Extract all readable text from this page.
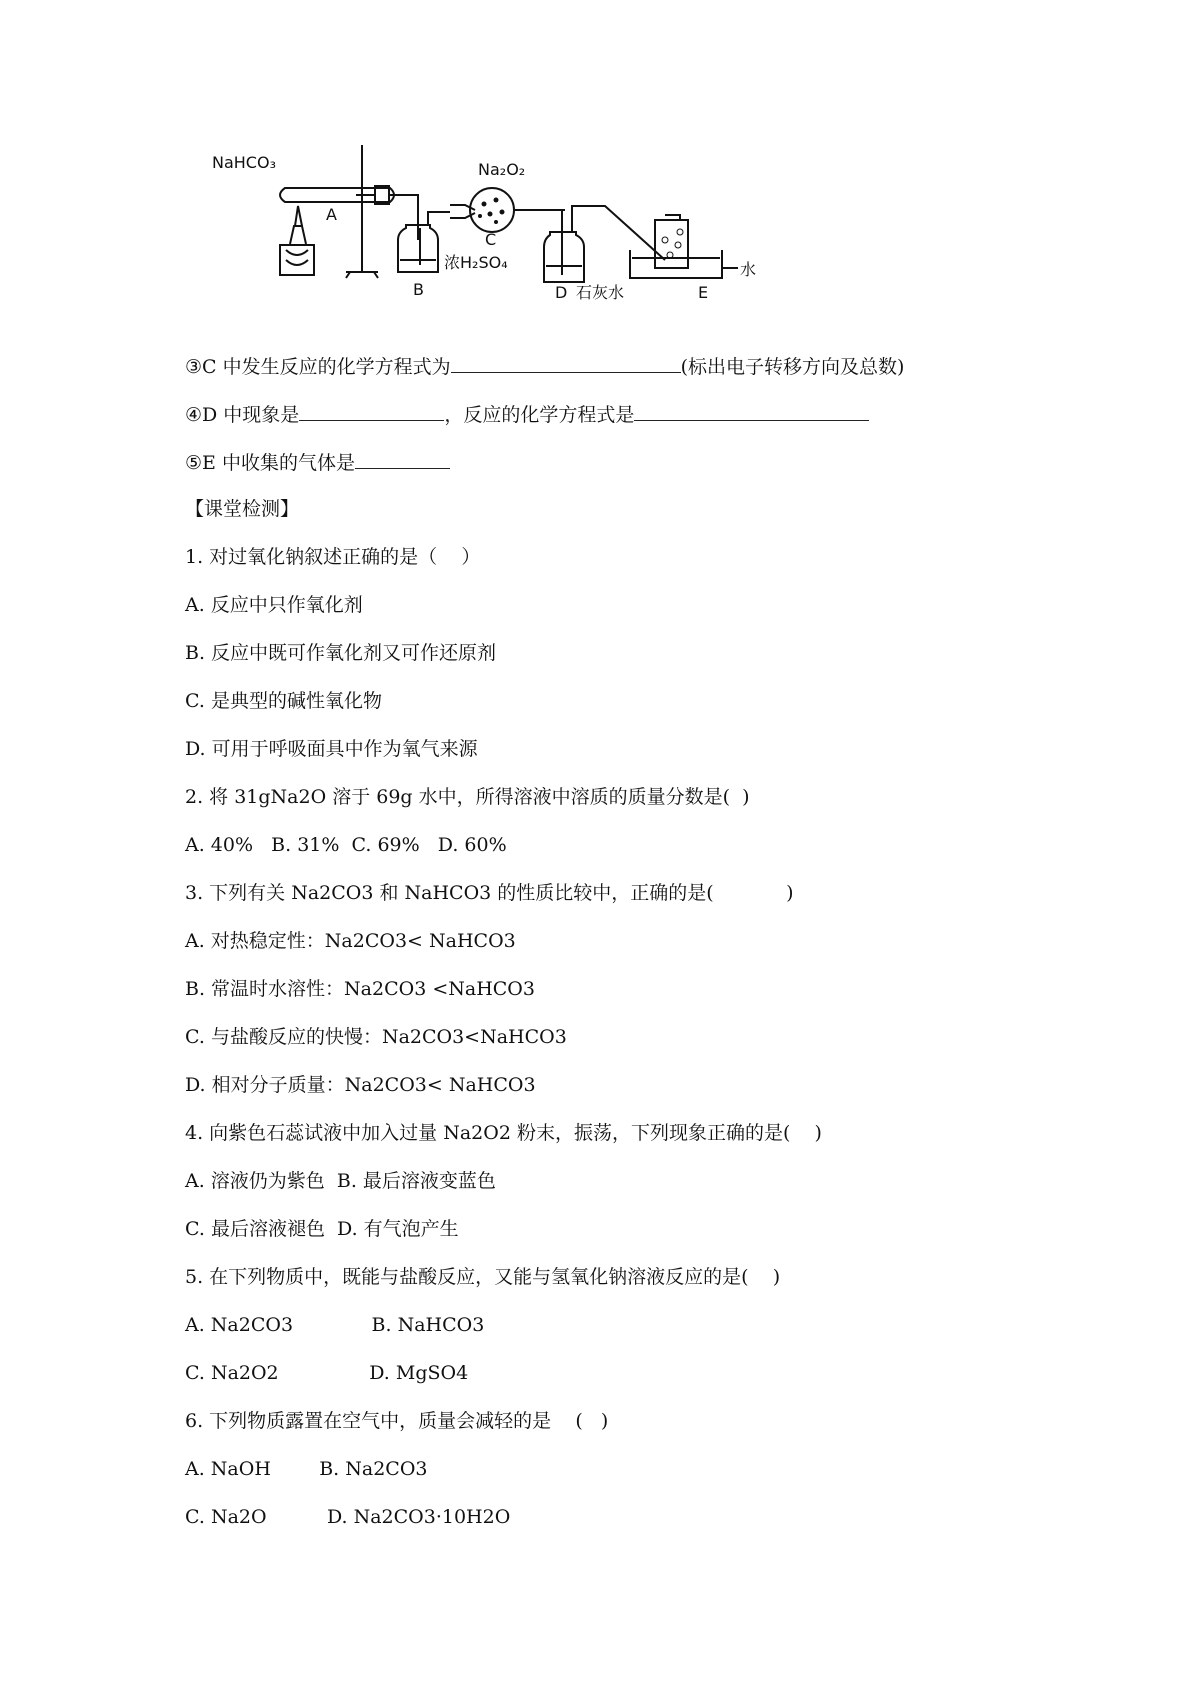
NaHCO₃
A
Na₂O₂
B
浓H₂SO₄
C
D 石灰水	E
水
③C 中发生反应的化学方程式为	(标出电子转移方向及总数)
④D 中现象是	，反应的化学方程式是
⑤E 中收集的气体是
【课堂检测】
1. 对过氧化钠叙述正确的是（    ）
A. 反应中只作氧化剂
B. 反应中既可作氧化剂又可作还原剂
C. 是典型的碱性氧化物
D. 可用于呼吸面具中作为氧气来源
2. 将 31gNa2O 溶于 69g 水中，所得溶液中溶质的质量分数是(  )
A. 40%   B. 31%  C. 69%   D. 60%
3. 下列有关 Na2CO3 和 NaHCO3 的性质比较中，正确的是(            )
A. 对热稳定性：Na2CO3< NaHCO3
B. 常温时水溶性：Na2CO3 <NaHCO3
C. 与盐酸反应的快慢：Na2CO3<NaHCO3
D. 相对分子质量：Na2CO3< NaHCO3
4. 向紫色石蕊试液中加入过量 Na2O2 粉末，振荡，下列现象正确的是(    )
A. 溶液仍为紫色  B. 最后溶液变蓝色
C. 最后溶液褪色  D. 有气泡产生
5. 在下列物质中，既能与盐酸反应，又能与氢氧化钠溶液反应的是(    )
A. Na2CO3             B. NaHCO3
C. Na2O2               D. MgSO4
6. 下列物质露置在空气中，质量会减轻的是    (   )
A. NaOH        B. Na2CO3
C. Na2O          D. Na2CO3·10H2O
